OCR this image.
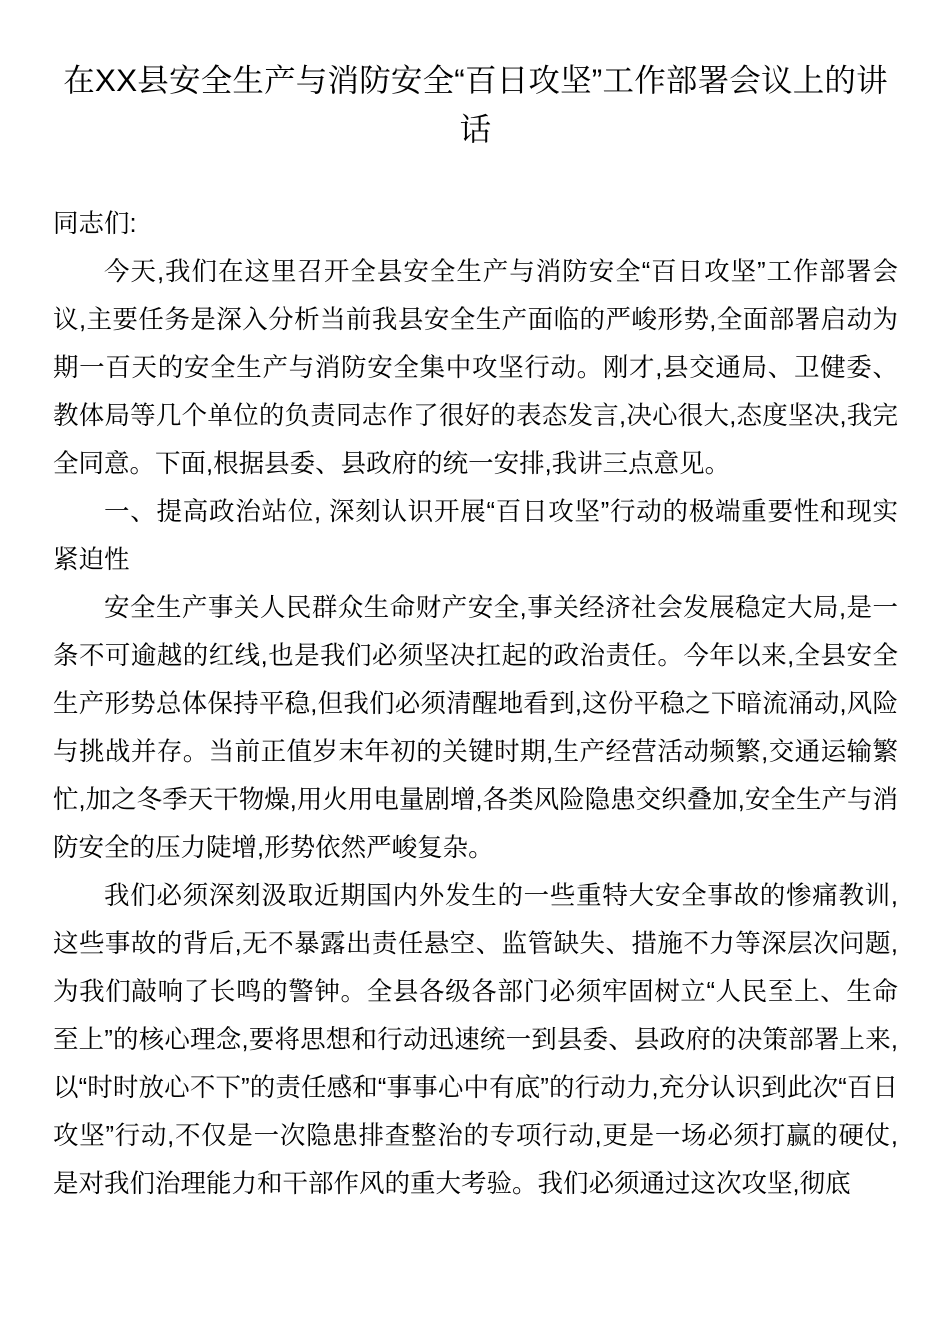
在XX县安全生产与消防安全“百日攻坚”工作部署会议上的讲话

同志们:

今天,我们在这里召开全县安全生产与消防安全“百日攻坚”工作部署会议,主要任务是深入分析当前我县安全生产面临的严峻形势,全面部署启动为期一百天的安全生产与消防安全集中攻坚行动。刚才,县交通局、卫健委、教体局等几个单位的负责同志作了很好的表态发言,决心很大,态度坚决,我完全同意。下面,根据县委、县政府的统一安排,我讲三点意见。

一、提高政治站位, 深刻认识开展“百日攻坚”行动的极端重要性和现实紧迫性

安全生产事关人民群众生命财产安全,事关经济社会发展稳定大局,是一条不可逾越的红线,也是我们必须坚决扛起的政治责任。今年以来,全县安全生产形势总体保持平稳,但我们必须清醒地看到,这份平稳之下暗流涌动,风险与挑战并存。当前正值岁末年初的关键时期,生产经营活动频繁,交通运输繁忙,加之冬季天干物燥,用火用电量剧增,各类风险隐患交织叠加,安全生产与消防安全的压力陡增,形势依然严峻复杂。

我们必须深刻汲取近期国内外发生的一些重特大安全事故的惨痛教训,这些事故的背后,无不暴露出责任悬空、监管缺失、措施不力等深层次问题,为我们敲响了长鸣的警钟。全县各级各部门必须牢固树立“人民至上、生命至上”的核心理念,要将思想和行动迅速统一到县委、县政府的决策部署上来,以“时时放心不下”的责任感和“事事心中有底”的行动力,充分认识到此次“百日攻坚”行动,不仅是一次隐患排查整治的专项行动,更是一场必须打赢的硬仗,是对我们治理能力和干部作风的重大考验。我们必须通过这次攻坚,彻底
